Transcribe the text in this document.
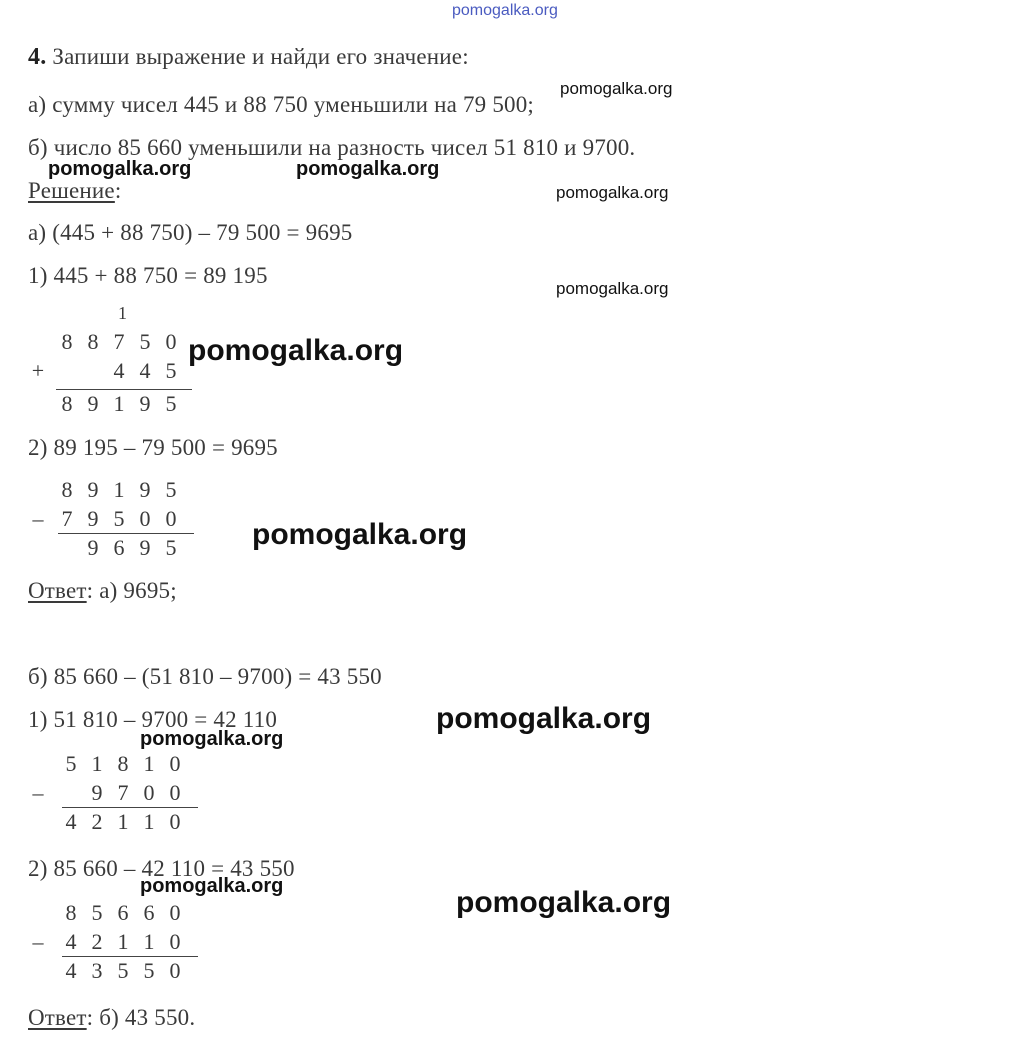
pomogalka.org
4. Запиши выражение и найди его значение:
а) сумму чисел 445 и 88 750 уменьшили на 79 500;
б) число 85 660 уменьшили на разность чисел 51 810 и 9700.
pomogalka.org
pomogalka.org	pomogalka.org
pomogalka.org
pomogalka.org
Решение:
а) (445 + 88 750) – 79 500 = 9695
1) 445 + 88 750 = 89 195
1
8 8 7 5 0
+	4 4 5
8 9 1 9 5
pomogalka.org
2) 89 195 – 79 500 = 9695
8 9 1 9 5
– 7 9 5 0 0
9 6 9 5	pomogalka.org
Ответ: а) 9695;
б) 85 660 – (51 810 – 9700) = 43 550
1) 51 810 – 9700 = 42 110	pomogalka.org
pomogalka.org
5 1 8 1 0
–	9 7 0 0
4 2 1 1 0
2) 85 660 – 42 110 = 43 550
pomogalka.org	pomogalka.org
8 5 6 6 0
–	4 2 1 1 0
4 3 5 5 0
Ответ: б) 43 550.
